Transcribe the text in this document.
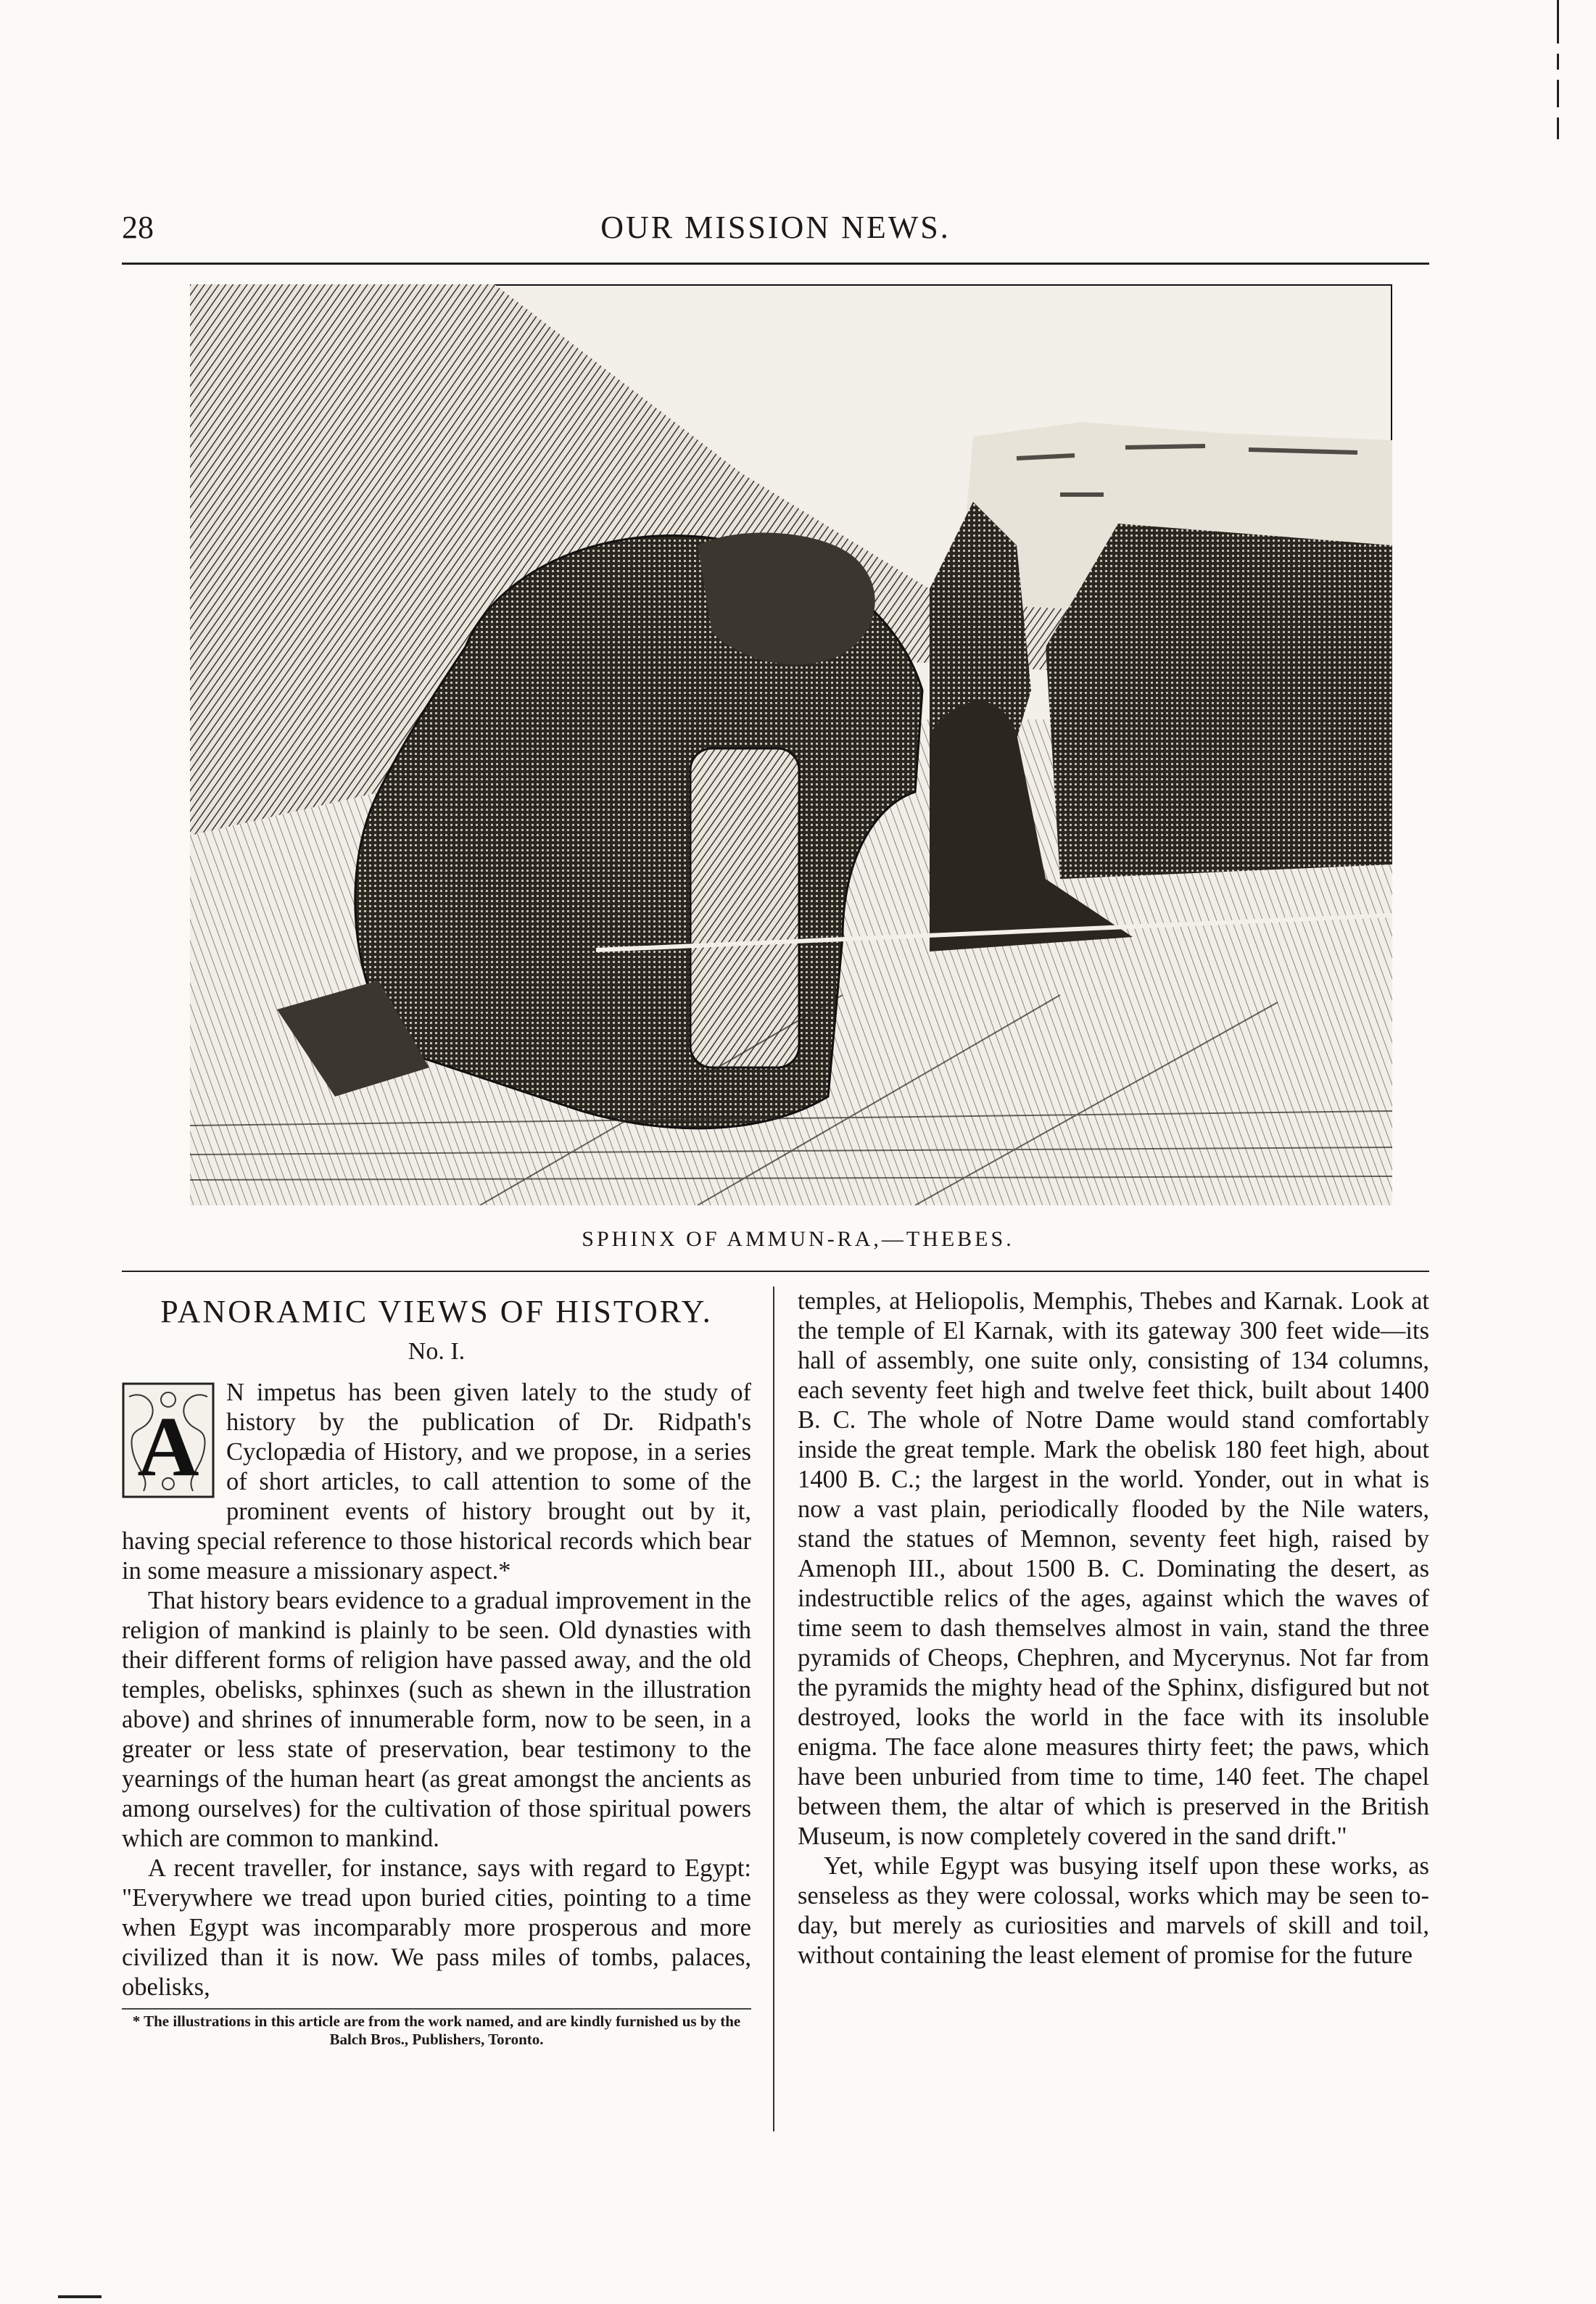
28	OUR MISSION NEWS.
SPHINX OF AMMUN-RA,—THEBES.
PANORAMIC VIEWS OF HISTORY.
No. I.
A

N impetus has been given lately to the study of history by the publication of Dr. Ridpath's Cyclopædia of History, and we propose, in a series of short articles, to call attention to some of the prominent events of history brought out by it, having special reference to those historical records which bear in some measure a missionary aspect.*

That history bears evidence to a gradual improvement in the religion of mankind is plainly to be seen. Old dynasties with their different forms of religion have passed away, and the old temples, obelisks, sphinxes (such as shewn in the illustration above) and shrines of innumerable form, now to be seen, in a greater or less state of preservation, bear testimony to the yearnings of the human heart (as great amongst the ancients as among ourselves) for the cultivation of those spiritual powers which are common to mankind.

A recent traveller, for instance, says with regard to Egypt: "Everywhere we tread upon buried cities, pointing to a time when Egypt was incomparably more prosperous and more civilized than it is now. We pass miles of tombs, palaces, obelisks,

* The illustrations in this article are from the work named, and are kindly furnished us by the Balch Bros., Publishers, Toronto.

temples, at Heliopolis, Memphis, Thebes and Karnak. Look at the temple of El Karnak, with its gateway 300 feet wide—its hall of assembly, one suite only, consisting of 134 columns, each seventy feet high and twelve feet thick, built about 1400 B. C. The whole of Notre Dame would stand comfortably inside the great temple. Mark the obelisk 180 feet high, about 1400 B. C.; the largest in the world. Yonder, out in what is now a vast plain, periodically flooded by the Nile waters, stand the statues of Memnon, seventy feet high, raised by Amenoph III., about 1500 B. C. Dominating the desert, as indestructible relics of the ages, against which the waves of time seem to dash themselves almost in vain, stand the three pyramids of Cheops, Chephren, and Mycerynus. Not far from the pyramids the mighty head of the Sphinx, disfigured but not destroyed, looks the world in the face with its insoluble enigma. The face alone measures thirty feet; the paws, which have been unburied from time to time, 140 feet. The chapel between them, the altar of which is preserved in the British Museum, is now completely covered in the sand drift."

Yet, while Egypt was busying itself upon these works, as senseless as they were colossal, works which may be seen to-day, but merely as curiosities and marvels of skill and toil, without containing the least element of promise for the future
